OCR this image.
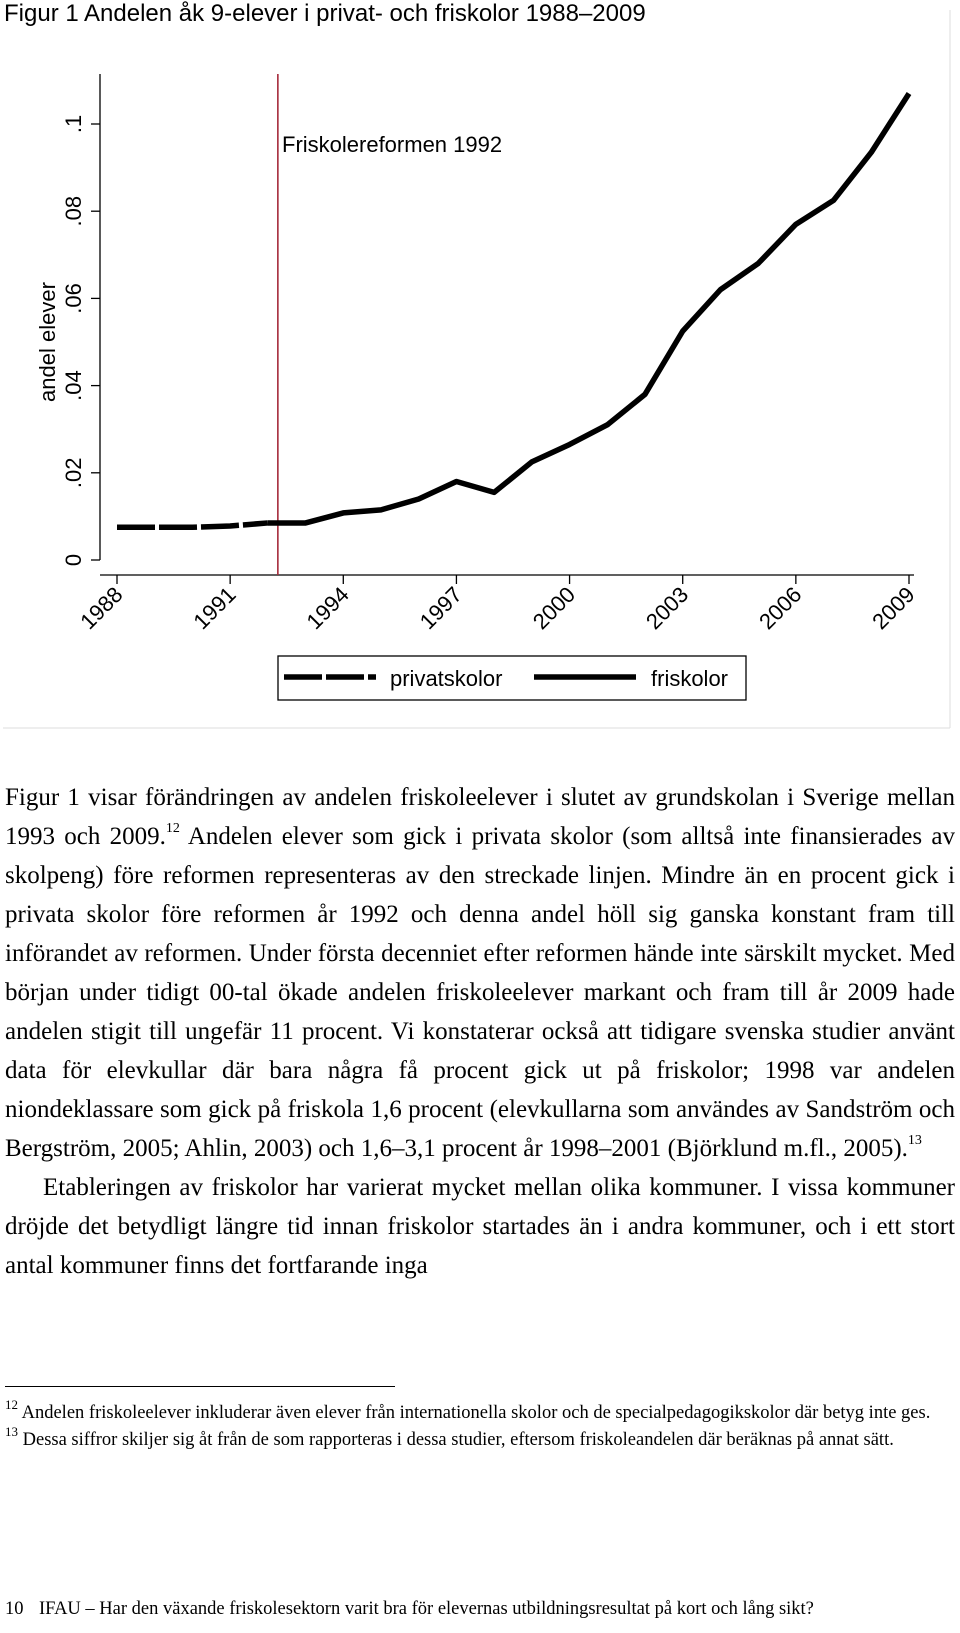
Figur 1 Andelen åk 9-elever i privat- och friskolor 1988–2009
0
.02
.04
.06
.08
.1
andel elever
1988	1991	1994	1997	2000	2003	2006	2009
Friskolereformen 1992
privatskolor	friskolor

Figur 1 visar förändringen av andelen friskoleelever i slutet av grundskolan i Sverige mellan 1993 och 2009.12 Andelen elever som gick i privata skolor (som alltså inte finansierades av skolpeng) före reformen representeras av den streckade linjen. Mindre än en procent gick i privata skolor före reformen år 1992 och denna andel höll sig ganska konstant fram till införandet av reformen. Under första decenniet efter reformen hände inte särskilt mycket. Med början under tidigt 00-tal ökade andelen friskoleelever markant och fram till år 2009 hade andelen stigit till ungefär 11 procent. Vi konstaterar också att tidigare svenska studier använt data för elevkullar där bara några få procent gick ut på friskolor; 1998 var andelen niondeklassare som gick på friskola 1,6 procent (elevkullarna som användes av Sandström och Bergström, 2005; Ahlin, 2003) och 1,6–3,1 procent år 1998–2001 (Björklund m.fl., 2005).$^{13}$

Etableringen av friskolor har varierat mycket mellan olika kommuner. I vissa kommuner dröjde det betydligt längre tid innan friskolor startades än i andra kommuner, och i ett stort antal kommuner finns det fortfarande inga

$^{12}$ Andelen friskoleelever inkluderar även elever från internationella skolor och de specialpedagogikskolor där betyg inte ges.

$^{13}$ Dessa siffror skiljer sig åt från de som rapporteras i dessa studier, eftersom friskoleandelen där beräknas på annat sätt.

10 IFAU – Har den växande friskolesektorn varit bra för elevernas utbildningsresultat på kort och lång sikt?
